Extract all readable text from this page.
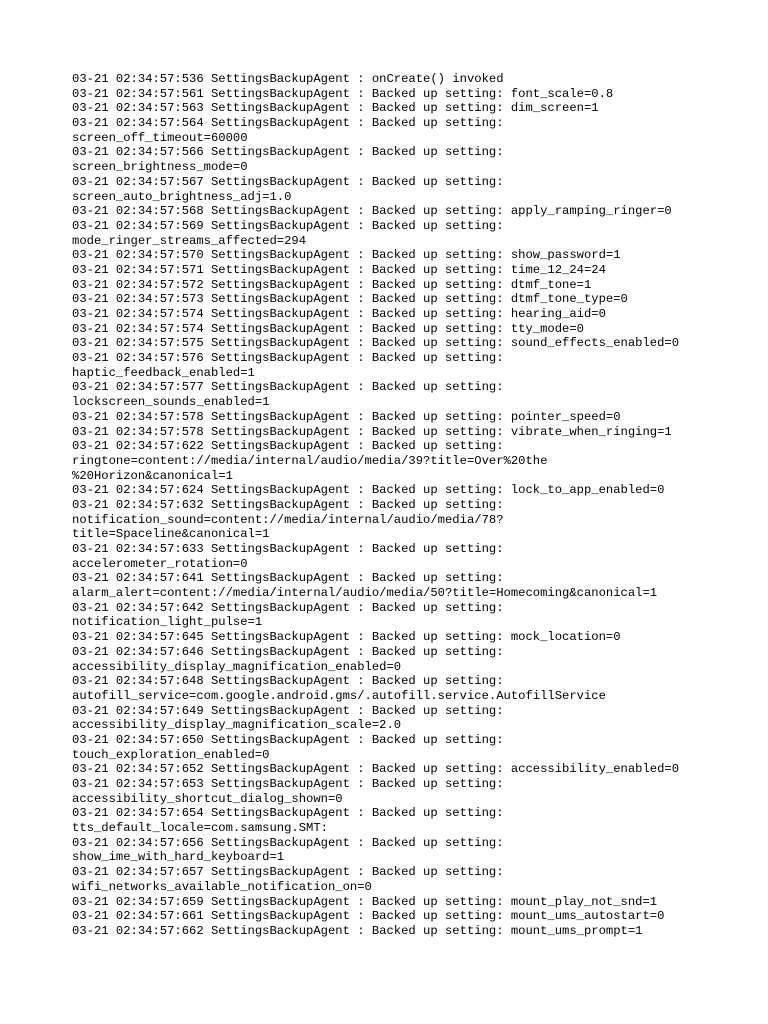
03-21 02:34:57:536 SettingsBackupAgent : onCreate() invoked
03-21 02:34:57:561 SettingsBackupAgent : Backed up setting: font_scale=0.8
03-21 02:34:57:563 SettingsBackupAgent : Backed up setting: dim_screen=1
03-21 02:34:57:564 SettingsBackupAgent : Backed up setting:
screen_off_timeout=60000
03-21 02:34:57:566 SettingsBackupAgent : Backed up setting:
screen_brightness_mode=0
03-21 02:34:57:567 SettingsBackupAgent : Backed up setting:
screen_auto_brightness_adj=1.0
03-21 02:34:57:568 SettingsBackupAgent : Backed up setting: apply_ramping_ringer=0
03-21 02:34:57:569 SettingsBackupAgent : Backed up setting:
mode_ringer_streams_affected=294
03-21 02:34:57:570 SettingsBackupAgent : Backed up setting: show_password=1
03-21 02:34:57:571 SettingsBackupAgent : Backed up setting: time_12_24=24
03-21 02:34:57:572 SettingsBackupAgent : Backed up setting: dtmf_tone=1
03-21 02:34:57:573 SettingsBackupAgent : Backed up setting: dtmf_tone_type=0
03-21 02:34:57:574 SettingsBackupAgent : Backed up setting: hearing_aid=0
03-21 02:34:57:574 SettingsBackupAgent : Backed up setting: tty_mode=0
03-21 02:34:57:575 SettingsBackupAgent : Backed up setting: sound_effects_enabled=0
03-21 02:34:57:576 SettingsBackupAgent : Backed up setting:
haptic_feedback_enabled=1
03-21 02:34:57:577 SettingsBackupAgent : Backed up setting:
lockscreen_sounds_enabled=1
03-21 02:34:57:578 SettingsBackupAgent : Backed up setting: pointer_speed=0
03-21 02:34:57:578 SettingsBackupAgent : Backed up setting: vibrate_when_ringing=1
03-21 02:34:57:622 SettingsBackupAgent : Backed up setting:
ringtone=content://media/internal/audio/media/39?title=Over%20the
%20Horizon&canonical=1
03-21 02:34:57:624 SettingsBackupAgent : Backed up setting: lock_to_app_enabled=0
03-21 02:34:57:632 SettingsBackupAgent : Backed up setting:
notification_sound=content://media/internal/audio/media/78?
title=Spaceline&canonical=1
03-21 02:34:57:633 SettingsBackupAgent : Backed up setting:
accelerometer_rotation=0
03-21 02:34:57:641 SettingsBackupAgent : Backed up setting:
alarm_alert=content://media/internal/audio/media/50?title=Homecoming&canonical=1
03-21 02:34:57:642 SettingsBackupAgent : Backed up setting:
notification_light_pulse=1
03-21 02:34:57:645 SettingsBackupAgent : Backed up setting: mock_location=0
03-21 02:34:57:646 SettingsBackupAgent : Backed up setting:
accessibility_display_magnification_enabled=0
03-21 02:34:57:648 SettingsBackupAgent : Backed up setting:
autofill_service=com.google.android.gms/.autofill.service.AutofillService
03-21 02:34:57:649 SettingsBackupAgent : Backed up setting:
accessibility_display_magnification_scale=2.0
03-21 02:34:57:650 SettingsBackupAgent : Backed up setting:
touch_exploration_enabled=0
03-21 02:34:57:652 SettingsBackupAgent : Backed up setting: accessibility_enabled=0
03-21 02:34:57:653 SettingsBackupAgent : Backed up setting:
accessibility_shortcut_dialog_shown=0
03-21 02:34:57:654 SettingsBackupAgent : Backed up setting:
tts_default_locale=com.samsung.SMT:
03-21 02:34:57:656 SettingsBackupAgent : Backed up setting:
show_ime_with_hard_keyboard=1
03-21 02:34:57:657 SettingsBackupAgent : Backed up setting:
wifi_networks_available_notification_on=0
03-21 02:34:57:659 SettingsBackupAgent : Backed up setting: mount_play_not_snd=1
03-21 02:34:57:661 SettingsBackupAgent : Backed up setting: mount_ums_autostart=0
03-21 02:34:57:662 SettingsBackupAgent : Backed up setting: mount_ums_prompt=1
